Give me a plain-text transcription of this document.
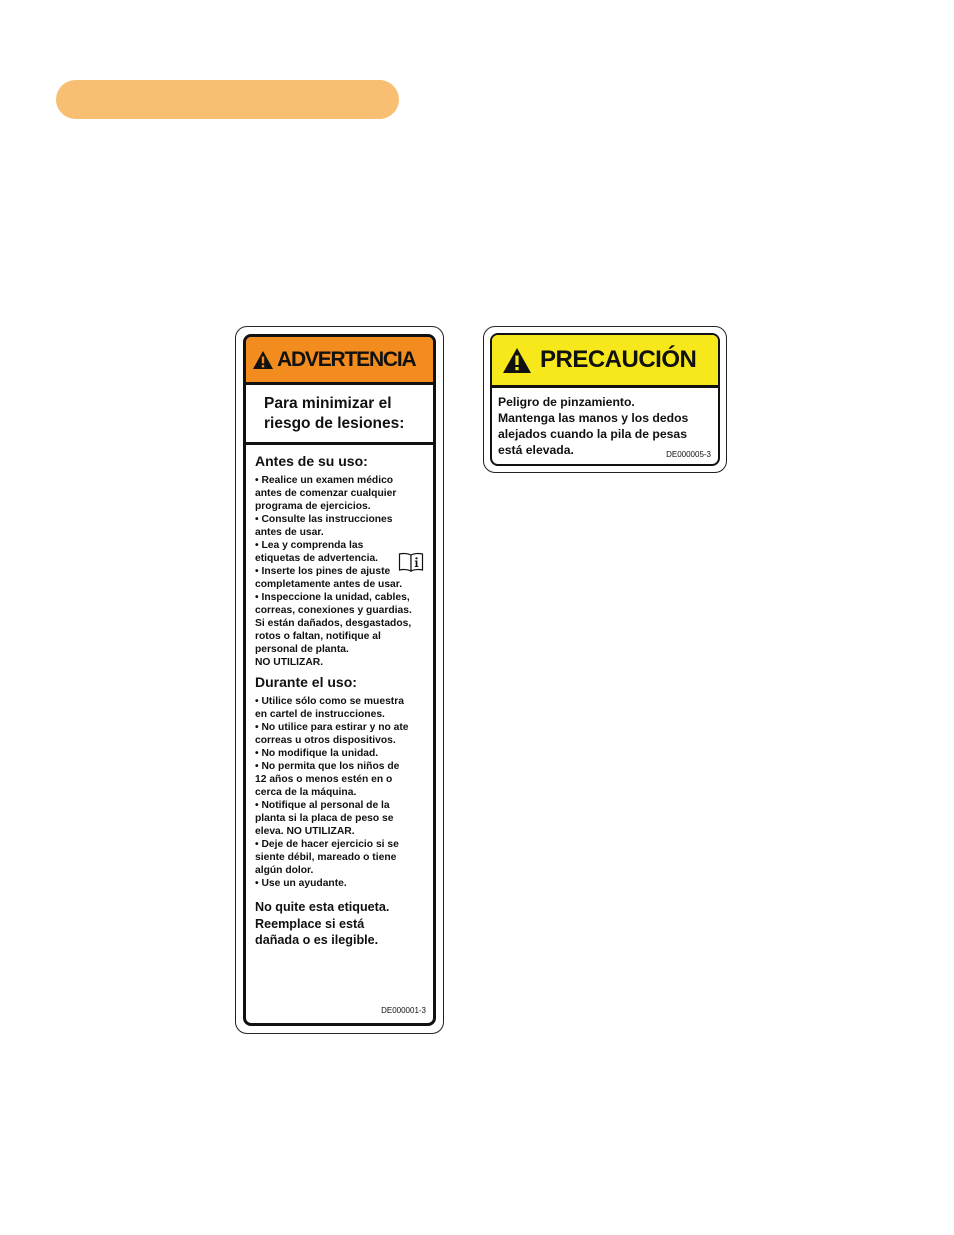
ADVERTENCIA
Para minimizar el
riesgo de lesiones:
Antes de su uso:
• Realice un examen médico
antes de comenzar cualquier
programa de ejercicios.
• Consulte las instrucciones
antes de usar.
• Lea y comprenda las
etiquetas de advertencia.
• Inserte los pines de ajuste
completamente antes de usar.
• Inspeccione la unidad, cables,
correas, conexiones y guardias.
Si están dañados, desgastados,
rotos o faltan, notifique al
personal de planta.
NO UTILIZAR.
Durante el uso:
• Utilice sólo como se muestra
en cartel de instrucciones.
• No utilice para estirar y no ate
correas u otros dispositivos.
• No modifique la unidad.
• No permita que los niños de
12 años o menos estén en o
cerca de la máquina.
• Notifique al personal de la
planta si la placa de peso se
eleva. NO UTILIZAR.
• Deje de hacer ejercicio si se
siente débil, mareado o tiene
algún dolor.
• Use un ayudante.
No quite esta etiqueta.
Reemplace si está
dañada o es ilegible.
DE000001-3
PRECAUCIÓN
Peligro de pinzamiento.
Mantenga las manos y los dedos
alejados cuando la pila de pesas
está elevada.	DE000005-3
